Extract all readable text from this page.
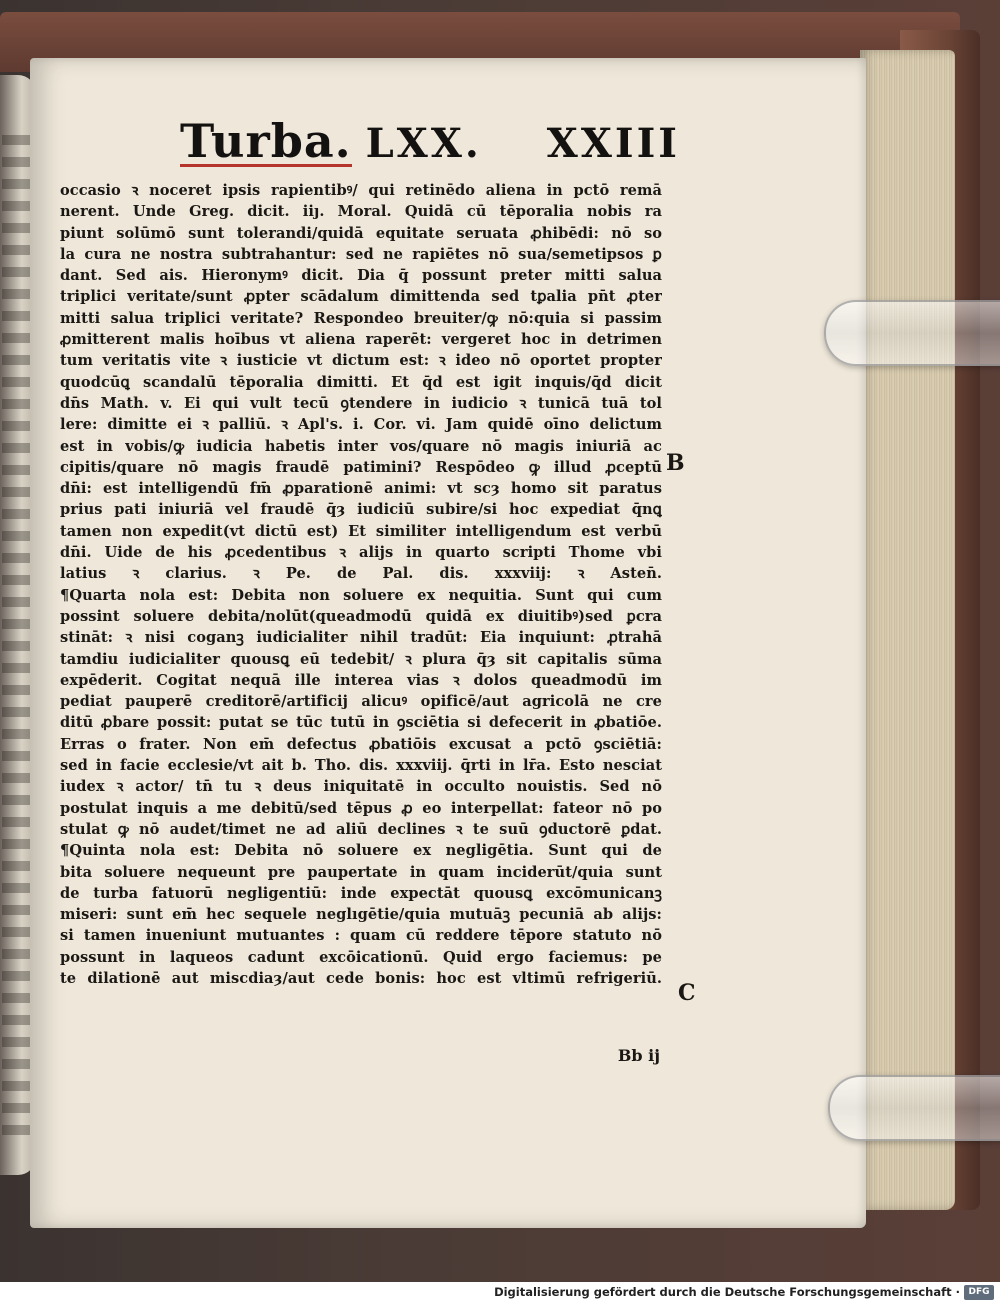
Turba. LXX. XXIII
occasio ꝛ noceret ipsis rapientibꝰ/ qui retinēdo aliena in pctō remā
nerent. Unde Greg. dicit. iiȷ. Moral. Quidā cū tēporalia nobis ra
piunt solūmō sunt tolerandi/quidā equitate seruata ꝓhibēdi: nō so
la cura ne nostra subtrahantur: sed ne rapiētes nō sua/semetipsos ꝑ
dant. Sed ais. Hieronymꝰ dicit. Dia q̄ possunt preter mitti salua
triplici veritate/sunt ꝓpter scādalum dimittenda sed tꝑalia pn̄t ꝓter
mitti salua triplici veritate? Respondeo breuiter/ꝙ nō:quia si passim
ꝓmitterent malis hoībus vt aliena raperēt: vergeret hoc in detrimen
tum veritatis vite ꝛ iusticie vt dictum est: ꝛ ideo nō oportet propter
quodcūꝗ scandalū tēporalia dimitti. Et q̄d est igit inquis/q̄d dicit
dn̄s Math. v. Ei qui vult tecū ꝯtendere in iudicio ꝛ tunicā tuā tol
lere: dimitte ei ꝛ palliū. ꝛ Apl's. i. Cor. vi. Jam quidē oīno delictum
est in vobis/ꝙ iudicia habetis inter vos/quare nō magis iniuriā ac
cipitis/quare nō magis fraudē patimini? Respōdeo ꝙ illud ꝓceptū
dn̄i: est intelligendū fm̄ ꝓparationē animi: vt scȝ homo sit paratus
prius pati iniuriā vel fraudē q̄ȝ iudiciū subire/si hoc expediat q̄nꝗ
tamen non expedit(vt dictū est) Et similiter intelligendum est verbū
dn̄i. Uide de his ꝓcedentibus ꝛ alijs in quarto scripti Thome vbi
latius ꝛ clarius. ꝛ Pe. de Pal. dis. xxxviij: ꝛ Asten̄.
¶Quarta nola est: Debita non soluere ex nequitia. Sunt qui cum
possint soluere debita/nolūt(queadmodū quidā ex diuitibꝰ)sed ꝑcra
stināt: ꝛ nisi coganꝫ iudicialiter nihil tradūt: Eia inquiunt: ꝓtrahā
tamdiu iudicialiter quousꝗ eū tedebit/ ꝛ plura q̄ȝ sit capitalis sūma
expēderit. Cogitat nequā ille interea vias ꝛ dolos queadmodū im
pediat pauperē creditorē/artificij alicuꝰ opificē/aut agricolā ne cre
ditū ꝓbare possit: putat se tūc tutū in ꝯsciētia si defecerit in ꝓbatiōe.
Erras o frater. Non em̄ defectus ꝓbatiōis excusat a pctō ꝯsciētiā:
sed in facie ecclesie/vt ait b. Tho. dis. xxxviij. q̄rti in lr̄a. Esto nesciat
iudex ꝛ actor/ tn̄ tu ꝛ deus iniquitatē in occulto nouistis. Sed nō
postulat inquis a me debitū/sed tēpus ꝓ eo interpellat: fateor nō po
stulat ꝙ nō audet/timet ne ad aliū declines ꝛ te suū ꝯductorē ꝑdat.
¶Quinta nola est: Debita nō soluere ex negligētia. Sunt qui de
bita soluere nequeunt pre paupertate in quam inciderūt/quia sunt
de turba fatuorū negligentiū: inde expectāt quousꝗ excōmunicanꝫ
miseri: sunt em̄ hec sequele neglıgētie/quia mutuāꝫ pecuniā ab alijs:
si tamen inueniunt mutuantes : quam cū reddere tēpore statuto nō
possunt in laqueos cadunt excōicationū. Quid ergo faciemus: pe
te dilationē aut miscdiaȝ/aut cede bonis: hoc est vltimū refrigeriū.
B
C
Bb ij
Digitalisierung gefördert durch die Deutsche Forschungsgemeinschaft · DFG
